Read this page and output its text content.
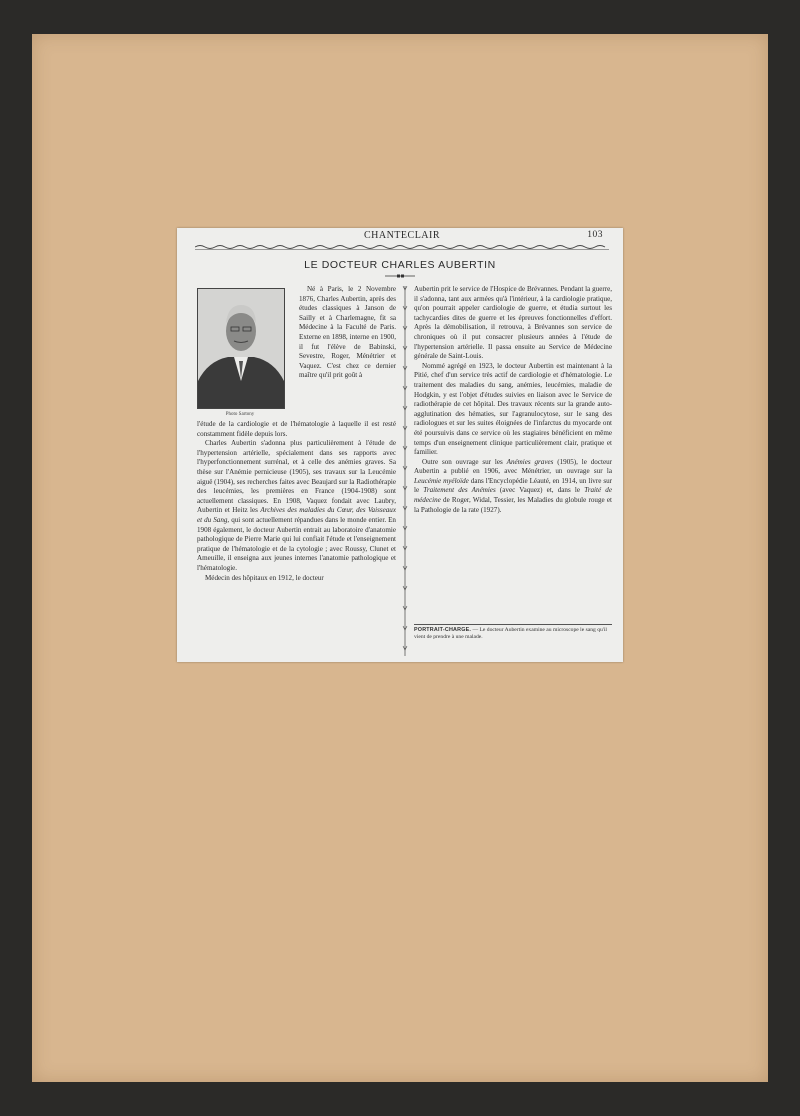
CHANTECLAIR	103
LE DOCTEUR CHARLES AUBERTIN
Photo Sartony

Né à Paris, le 2 Novembre 1876, Charles Aubertin, après des études classiques à Janson de Sailly et à Charlemagne, fit sa Médecine à la Faculté de Paris. Externe en 1898, interne en 1900, il fut l'élève de Babinski, Sevestre, Roger, Ménétrier et Vaquez. C'est chez ce dernier maître qu'il prit goût à

l'étude de la cardiologie et de l'hématologie à laquelle il est resté constamment fidèle depuis lors.

Charles Aubertin s'adonna plus particulièrement à l'étude de l'hypertension artérielle, spécialement dans ses rapports avec l'hyperfonctionnement surrénal, et à celle des anémies graves. Sa thèse sur l'Anémie pernicieuse (1905), ses travaux sur la Leucémie aiguë (1904), ses recherches faites avec Beaujard sur la Radiothérapie des leucémies, les premières en France (1904-1908) sont actuellement classiques. En 1908, Vaquez fondait avec Laubry, Aubertin et Heitz les Archives des maladies du Cœur, des Vaisseaux et du Sang, qui sont actuellement répandues dans le monde entier. En 1908 également, le docteur Aubertin entrait au laboratoire d'anatomie pathologique de Pierre Marie qui lui confiait l'étude et l'enseignement pratique de l'hématologie et de la cytologie ; avec Roussy, Clunet et Ameuille, il enseigna aux jeunes internes l'anatomie pathologique et l'hématologie.

Médecin des hôpitaux en 1912, le docteur

Aubertin prit le service de l'Hospice de Brévannes. Pendant la guerre, il s'adonna, tant aux armées qu'à l'intérieur, à la cardiologie pratique, qu'on pourrait appeler cardiologie de guerre, et étudia surtout les tachycardies dites de guerre et les épreuves fonctionnelles d'effort. Après la démobilisation, il retrouva, à Brévannes son service de chroniques où il put consacrer plusieurs années à l'étude de l'hypertension artérielle. Il passa ensuite au Service de Médecine générale de Saint-Louis.

Nommé agrégé en 1923, le docteur Aubertin est maintenant à la Pitié, chef d'un service très actif de cardiologie et d'hématologie. Le traitement des maladies du sang, anémies, leucémies, maladie de Hodgkin, y est l'objet d'études suivies en liaison avec le Service de radiothérapie de cet hôpital. Des travaux récents sur la grande auto-agglutination des hématies, sur l'agranulocytose, sur le sang des radiologues et sur les suites éloignées de l'infarctus du myocarde ont été poursuivis dans ce service où les stagiaires bénéficient en même temps d'un enseignement clinique particulièrement clair, pratique et familier.

Outre son ouvrage sur les Anémies graves (1905), le docteur Aubertin a publié en 1906, avec Ménétrier, un ouvrage sur la Leucémie myéloïde dans l'Encyclopédie Léauté, en 1914, un livre sur le Traitement des Anémies (avec Vaquez) et, dans le Traité de médecine de Roger, Widal, Tessier, les Maladies du globule rouge et la Pathologie de la rate (1927).

PORTRAIT-CHARGE. — Le docteur Aubertin examine au microscope le sang qu'il vient de prendre à une malade.
